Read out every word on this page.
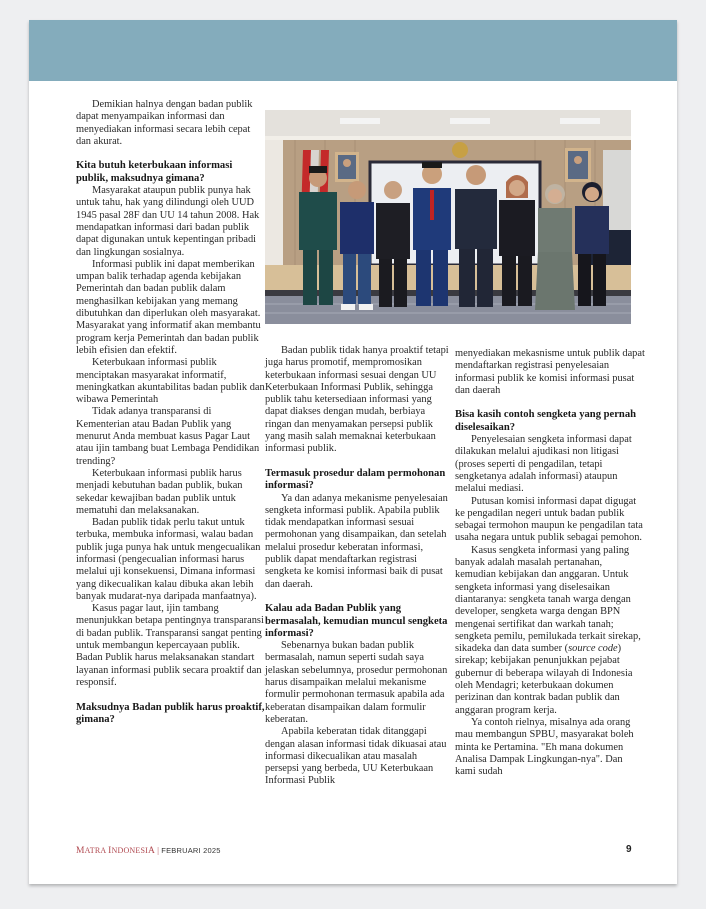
Demikian halnya dengan badan publik dapat menyampaikan informasi dan menyediakan informasi secara lebih cepat dan akurat.

Kita butuh keterbukaan informasi publik, maksudnya gimana?

Masyarakat ataupun publik punya hak untuk tahu, hak yang dilindungi oleh UUD 1945 pasal 28F dan UU 14 tahun 2008. Hak mendapatkan informasi dari badan publik dapat digunakan untuk kepentingan pribadi dan lingkungan sosialnya.

Informasi publik ini dapat memberikan umpan balik terhadap agenda kebijakan Pemerintah dan badan publik dalam menghasilkan kebijakan yang memang dibutuhkan dan diperlukan oleh masyarakat. Masyarakat yang informatif akan membantu program kerja Pemerintah dan badan publik lebih efisien dan efektif.

Keterbukaan informasi publik menciptakan masyarakat informatif, meningkatkan akuntabilitas badan publik dan wibawa Pemerintah

Tidak adanya transparansi di Kementerian atau Badan Publik yang menurut Anda membuat kasus Pagar Laut atau ijin tambang buat Lembaga Pendidikan trending?

Keterbukaan informasi publik harus menjadi kebutuhan badan publik, bukan sekedar kewajiban badan publik untuk mematuhi dan melaksanakan.

Badan publik tidak perlu takut untuk terbuka, membuka informasi, walau badan publik juga punya hak untuk mengecualikan informasi (pengecualian informasi harus melalui uji konsekuensi, Dimana informasi yang dikecualikan kalau dibuka akan lebih banyak mudarat-nya daripada manfaatnya).

Kasus pagar laut, ijin tambang menunjukkan betapa pentingnya transparansi di badan publik. Transparansi sangat penting untuk membangun kepercayaan publik. Badan Publik harus melaksanakan standart layanan informasi publik secara proaktif dan responsif.

Maksudnya Badan publik harus proaktif, gimana?

Badan publik tidak hanya proaktif tetapi juga harus promotif, mempromosikan keterbukaan informasi sesuai dengan UU Keterbukaan Informasi Publik, sehingga publik tahu ketersediaan informasi yang dapat diakses dengan mudah, berbiaya ringan dan menyamakan persepsi publik yang masih salah memaknai keterbukaan informasi publik.

Termasuk prosedur dalam permohonan informasi?

Ya dan adanya mekanisme penyelesaian sengketa informasi publik. Apabila publik tidak mendapatkan informasi sesuai permohonan yang disampaikan, dan setelah melalui prosedur keberatan informasi, publik dapat mendaftarkan registrasi sengketa ke komisi informasi baik di pusat dan daerah.

Kalau ada Badan Publik yang bermasalah, kemudian muncul sengketa informasi?

Sebenarnya bukan badan publik bermasalah, namun seperti sudah saya jelaskan sebelumnya, prosedur permohonan harus disampaikan melalui mekanisme formulir permohonan termasuk apabila ada keberatan disampaikan dalam formulir keberatan.

Apabila keberatan tidak ditanggapi dengan alasan informasi tidak dikuasai atau informasi dikecualikan atau masalah persepsi yang berbeda, UU Keterbukaan Informasi Publik

menyediakan mekasnisme untuk publik dapat mendaftarkan registrasi penyelesaian informasi publik ke komisi informasi pusat dan daerah

Bisa kasih contoh sengketa yang pernah diselesaikan?

Penyelesaian sengketa informasi dapat dilakukan melalui ajudikasi non litigasi (proses seperti di pengadilan, tetapi sengketanya adalah informasi) ataupun melalui mediasi.

Putusan komisi informasi dapat digugat ke pengadilan negeri untuk badan publik sebagai termohon maupun ke pengadilan tata usaha negara untuk publik sebagai pemohon.

Kasus sengketa informasi yang paling banyak adalah masalah pertanahan, kemudian kebijakan dan anggaran. Untuk sengketa informasi yang diselesaikan diantaranya: sengketa tanah warga dengan developer, sengketa warga dengan BPN mengenai sertifikat dan warkah tanah; sengketa pemilu, pemilukada terkait sirekap, sikadeka dan data sumber (source code) sirekap; kebijakan penunjukkan pejabat gubernur di beberapa wilayah di Indonesia oleh Mendagri; keterbukaan dokumen perizinan dan kontrak badan publik dan anggaran program kerja.

Ya contoh rielnya, misalnya ada orang mau membangun SPBU, masyarakat boleh minta ke Pertamina. "Eh mana dokumen Analisa Dampak Lingkungan-nya". Dan kami sudah

MATRA INDONESIA | FEBRUARI 2025	9
